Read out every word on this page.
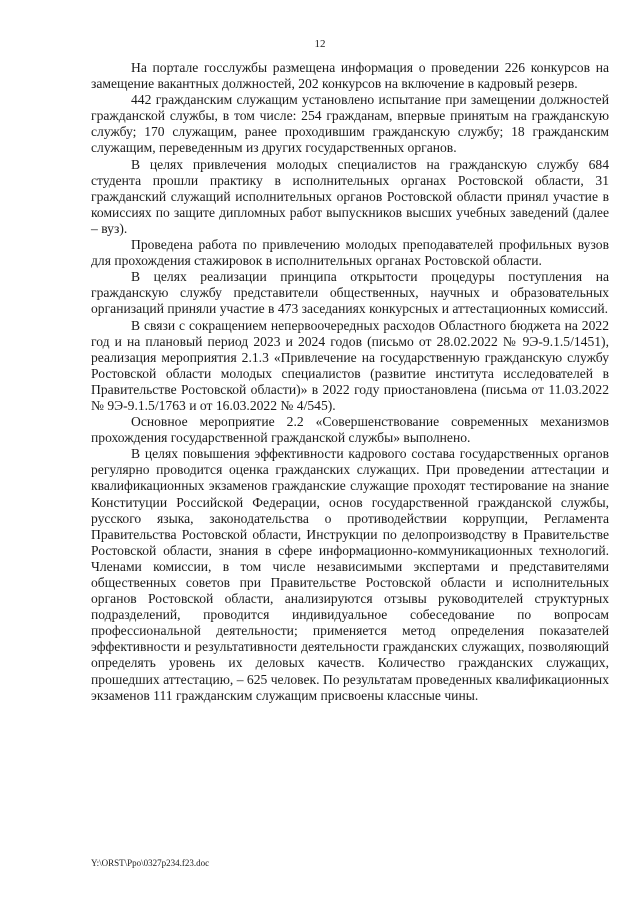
12

На портале госслужбы размещена информация о проведении 226 конкурсов на замещение вакантных должностей, 202 конкурсов на включение в кадровый резерв.

442 гражданским служащим установлено испытание при замещении должностей гражданской службы, в том числе: 254 гражданам, впервые принятым на гражданскую службу; 170 служащим, ранее проходившим гражданскую службу; 18 гражданским служащим, переведенным из других государственных органов.

В целях привлечения молодых специалистов на гражданскую службу 684 студента прошли практику в исполнительных органах Ростовской области, 31 гражданский служащий исполнительных органов Ростовской области принял участие в комиссиях по защите дипломных работ выпускников высших учебных заведений (далее – вуз).

Проведена работа по привлечению молодых преподавателей профильных вузов для прохождения стажировок в исполнительных органах Ростовской области.

В целях реализации принципа открытости процедуры поступления на гражданскую службу представители общественных, научных и образовательных организаций приняли участие в 473 заседаниях конкурсных и аттестационных комиссий.

В связи с сокращением непервоочередных расходов Областного бюджета на 2022 год и на плановый период 2023 и 2024 годов (письмо от 28.02.2022 № 9Э-9.1.5/1451), реализация мероприятия 2.1.3 «Привлечение на государственную гражданскую службу Ростовской области молодых специалистов (развитие института исследователей в Правительстве Ростовской области)» в 2022 году приостановлена (письма от 11.03.2022 № 9Э-9.1.5/1763 и от 16.03.2022 № 4/545).

Основное мероприятие 2.2 «Совершенствование современных механизмов прохождения государственной гражданской службы» выполнено.

В целях повышения эффективности кадрового состава государственных органов регулярно проводится оценка гражданских служащих. При проведении аттестации и квалификационных экзаменов гражданские служащие проходят тестирование на знание Конституции Российской Федерации, основ государственной гражданской службы, русского языка, законодательства о противодействии коррупции, Регламента Правительства Ростовской области, Инструкции по делопроизводству в Правительстве Ростовской области, знания в сфере информационно-коммуникационных технологий. Членами комиссии, в том числе независимыми экспертами и представителями общественных советов при Правительстве Ростовской области и исполнительных органов Ростовской области, анализируются отзывы руководителей структурных подразделений, проводится индивидуальное собеседование по вопросам профессиональной деятельности; применяется метод определения показателей эффективности и результативности деятельности гражданских служащих, позволяющий определять уровень их деловых качеств. Количество гражданских служащих, прошедших аттестацию, – 625 человек. По результатам проведенных квалификационных экзаменов 111 гражданским служащим присвоены классные чины.

Y:\ORST\Ppo\0327p234.f23.doc
